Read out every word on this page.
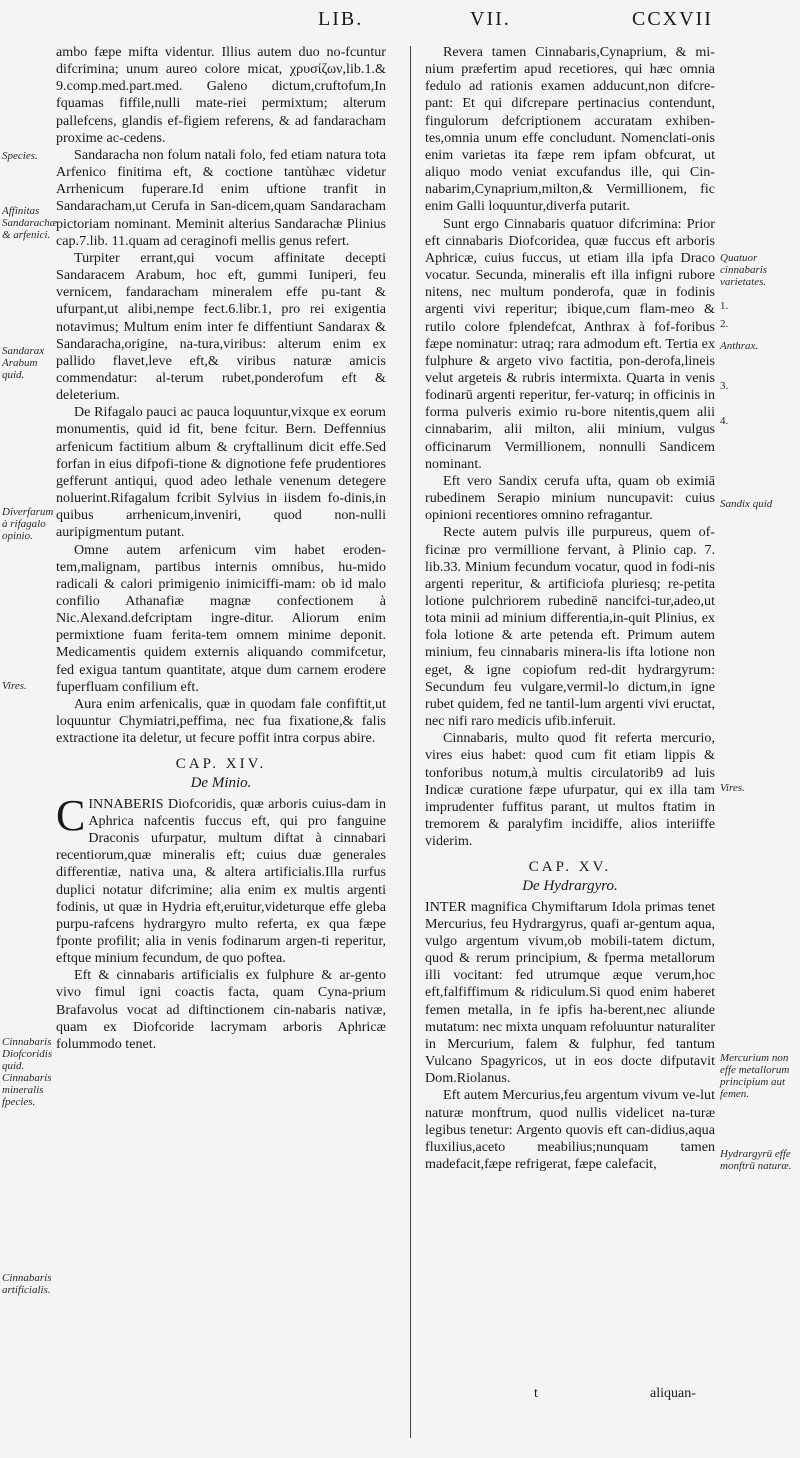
LIB.	VII.	CCXVII

ambo fæpe mifta videntur. Illius autem duo no-fcuntur difcrimina; unum aureo colore micat, χρυσίζων,lib.1.& 9.comp.med.part.med. Galeno dictum,cruftofum,In fquamas fiffile,nulli mate-riei permixtum; alterum pallefcens, glandis ef-figiem referens, & ad fandaracham proxime ac-cedens.

Sandaracha non folum natali folo, fed etiam natura tota Arfenico finitima eft, & coctione tantùhæc videtur Arrhenicum fuperare.Id enim uftione tranfit in Sandaracham,ut Cerufa in San-dicem,quam Sandaracham pictoriam nominant. Meminit alterius Sandarachæ Plinius cap.7.lib. 11.quam ad ceraginofi mellis genus refert.

Turpiter errant,qui vocum affinitate decepti Sandaracem Arabum, hoc eft, gummi Iuniperi, feu vernicem, fandaracham mineralem effe pu-tant & ufurpant,ut alibi,nempe fect.6.libr.1, pro rei exigentia notavimus; Multum enim inter fe diffentiunt Sandarax & Sandaracha,origine, na-tura,viribus: alterum enim ex pallido flavet,leve eft,& viribus naturæ amicis commendatur: al-terum rubet,ponderofum eft & deleterium.

De Rifagalo pauci ac pauca loquuntur,vixque ex eorum monumentis, quid id fit, bene fcitur. Bern. Deffennius arfenicum factitium album & cryftallinum dicit effe.Sed forfan in eius difpofi-tione & dignotione fefe prudentiores gefferunt antiqui, quod adeo lethale venenum detegere noluerint.Rifagalum fcribit Sylvius in iisdem fo-dinis,in quibus arrhenicum,inveniri, quod non-nulli auripigmentum putant.

Omne autem arfenicum vim habet eroden-tem,malignam, partibus internis omnibus, hu-mido radicali & calori primigenio inimiciffi-mam: ob id malo confilio Athanafiæ magnæ confectionem à Nic.Alexand.defcriptam ingre-ditur. Aliorum enim permixtione fuam ferita-tem omnem minime deponit. Medicamentis quidem externis aliquando commifcetur, fed exigua tantum quantitate, atque dum carnem erodere fuperfluam confilium eft.

Aura enim arfenicalis, quæ in quodam fale confiftit,ut loquuntur Chymiatri,peffima, nec fua fixatione,& falis extractione ita deletur, ut fecure poffit intra corpus abire.

CAP. XIV.

De Minio.

CINNABERIS Diofcoridis, quæ arboris cuius-dam in Aphrica nafcentis fuccus eft, qui pro fanguine Draconis ufurpatur, multum diftat à cinnabari recentiorum,quæ mineralis eft; cuius duæ generales differentiæ, nativa una, & altera artificialis.Illa rurfus duplici notatur difcrimine; alia enim ex multis argenti fodinis, ut quæ in Hydria eft,eruitur,videturque effe gleba purpu-rafcens hydrargyro multo referta, ex qua fæpe fponte profilit; alia in venis fodinarum argen-ti reperitur, eftque minium fecundum, de quo poftea.

Eft & cinnabaris artificialis ex fulphure & ar-gento vivo fimul igni coactis facta, quam Cyna-prium Brafavolus vocat ad diftinctionem cin-nabaris nativæ, quam ex Diofcoride lacrymam arboris Aphricæ folummodo tenet.

Revera tamen Cinnabaris,Cynaprium, & mi-nium præfertim apud recetiores, qui hæc omnia fedulo ad rationis examen adducunt,non difcre-pant: Et qui difcrepare pertinacius contendunt, fingulorum defcriptionem accuratam exhiben-tes,omnia unum effe concludunt. Nomenclati-onis enim varietas ita fæpe rem ipfam obfcurat, ut aliquo modo veniat excufandus ille, qui Cin-nabarim,Cynaprium,milton,& Vermillionem, fic enim Galli loquuntur,diverfa putarit.

Sunt ergo Cinnabaris quatuor difcrimina: Prior eft cinnabaris Diofcoridea, quæ fuccus eft arboris Aphricæ, cuius fuccus, ut etiam illa ipfa Draco vocatur. Secunda, mineralis eft illa infigni rubore nitens, nec multum ponderofa, quæ in fodinis argenti vivi reperitur; ibique,cum flam-meo & rutilo colore fplendefcat, Anthrax à fof-foribus fæpe nominatur: utraq; rara admodum eft. Tertia ex fulphure & argeto vivo factitia, pon-derofa,lineis velut argeteis & rubris intermixta. Quarta in venis fodinarū argenti reperitur, fer-vaturq; in officinis in forma pulveris eximio ru-bore nitentis,quem alii cinnabarim, alii milton, alii minium, vulgus officinarum Vermillionem, nonnulli Sandicem nominant.

Eft vero Sandix cerufa ufta, quam ob eximiā rubedinem Serapio minium nuncupavit: cuius opinioni recentiores omnino refragantur.

Recte autem pulvis ille purpureus, quem of-ficinæ pro vermillione fervant, à Plinio cap. 7. lib.33. Minium fecundum vocatur, quod in fodi-nis argenti reperitur, & artificiofa pluriesq; re-petita lotione pulchriorem rubedinē nancifci-tur,adeo,ut tota minii ad minium differentia,in-quit Plinius, ex fola lotione & arte petenda eft. Primum autem minium, feu cinnabaris minera-lis ifta lotione non eget, & igne copiofum red-dit hydrargyrum: Secundum feu vulgare,vermil-lo dictum,in igne rubet quidem, fed ne tantil-lum argenti vivi eructat, nec nifi raro medicis ufib.inferuit.

Cinnabaris, multo quod fit referta mercurio, vires eius habet: quod cum fit etiam lippis & tonforibus notum,à multis circulatorib9 ad luis Indicæ curatione fæpe ufurpatur, qui ex illa tam imprudenter fuffitus parant, ut multos ftatim in tremorem & paralyfim incidiffe, alios interiiffe viderim.

CAP. XV.

De Hydrargyro.

INTER magnifica Chymiftarum Idola primas tenet Mercurius, feu Hydrargyrus, quafi ar-gentum aqua, vulgo argentum vivum,ob mobili-tatem dictum, quod & rerum principium, & fperma metallorum illi vocitant: fed utrumque æque verum,hoc eft,falfiffimum & ridiculum.Si quod enim haberet femen metalla, in fe ipfis ha-berent,nec aliunde mutatum: nec mixta unquam refoluuntur naturaliter in Mercurium, falem & fulphur, fed tantum Vulcano Spagyricos, ut in eos docte difputavit Dom.Riolanus.

Eft autem Mercurius,feu argentum vivum ve-lut naturæ monftrum, quod nullis videlicet na-turæ legibus tenetur: Argento quovis eft can-didius,aqua fluxilius,aceto meabilius;nunquam tamen madefacit,fæpe refrigerat, fæpe calefacit,

Species.
Affinitas Sandarachæ & arfenici.
Sandarax Arabum quid.
Diverfarum à rifagalo opinio.
Vires.
Cinnabaris Diofcoridis quid. Cinnabaris mineralis fpecies.
Cinnabaris artificialis.
Quatuor cinnabaris varietates.
1.
2.
Anthrax.
3.
4.
Sandix quid
Vires.
Mercurium non effe metallorum principium aut femen.
Hydrargyrū effe monftrū naturæ.
t	aliquan-
